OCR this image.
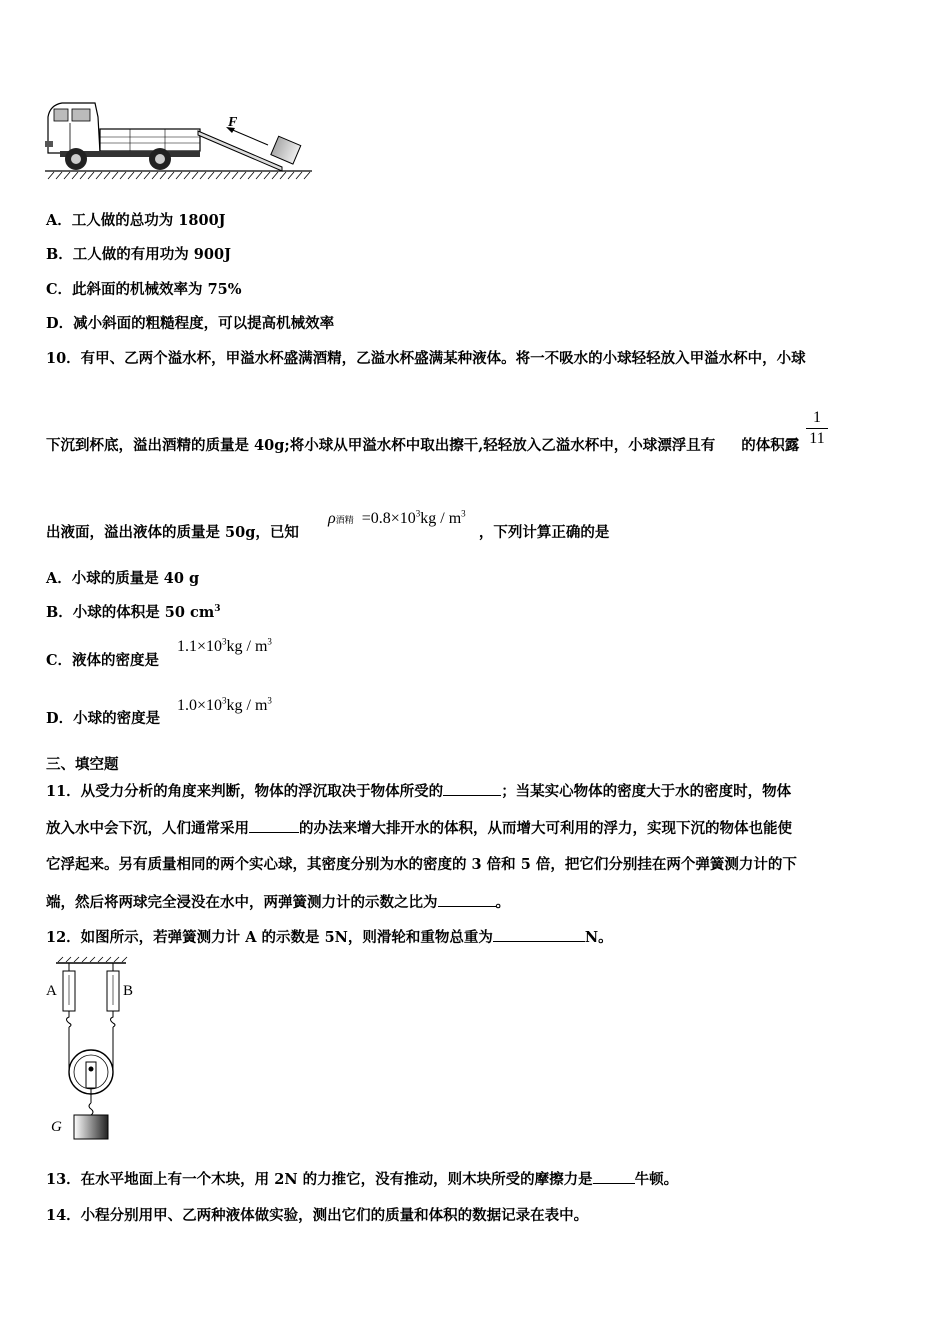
F
A．工人做的总功为 1800J
B．工人做的有用功为 900J
C．此斜面的机械效率为 75%
D．减小斜面的粗糙程度，可以提高机械效率
10．有甲、乙两个溢水杯，甲溢水杯盛满酒精，乙溢水杯盛满某种液体。将一不吸水的小球轻轻放入甲溢水杯中，小球
下沉到杯底，溢出酒精的质量是 40g;将小球从甲溢水杯中取出擦干,轻轻放入乙溢水杯中，小球漂浮且有 的体积露
1
11
出液面，溢出液体的质量是 50g，已知	，下列计算正确的是
ρ酒精 $=0.8\times 10^3kg / m^3$
A．小球的质量是 40 g
B．小球的体积是 50 $cm^3$
C．液体的密度是
$1.1\times 10^3kg / m^3$
D．小球的密度是
$1.0\times 10^3kg / m^3$
三、填空题
11．从受力分析的角度来判断，物体的浮沉取决于物体所受的	；当某实心物体的密度大于水的密度时，物体
放入水中会下沉，人们通常采用	的办法来增大排开水的体积，从而增大可利用的浮力，实现下沉的物体也能使
它浮起来。另有质量相同的两个实心球，其密度分别为水的密度的 3 倍和 5 倍，把它们分别挂在两个弹簧测力计的下
端，然后将两球完全浸没在水中，两弹簧测力计的示数之比为	。
12．如图所示，若弹簧测力计 A 的示数是 5N，则滑轮和重物总重为	N。
A	B
G
13．在水平地面上有一个木块，用 2N 的力推它，没有推动，则木块所受的摩擦力是	牛顿。
14．小程分别用甲、乙两种液体做实验，测出它们的质量和体积的数据记录在表中。
